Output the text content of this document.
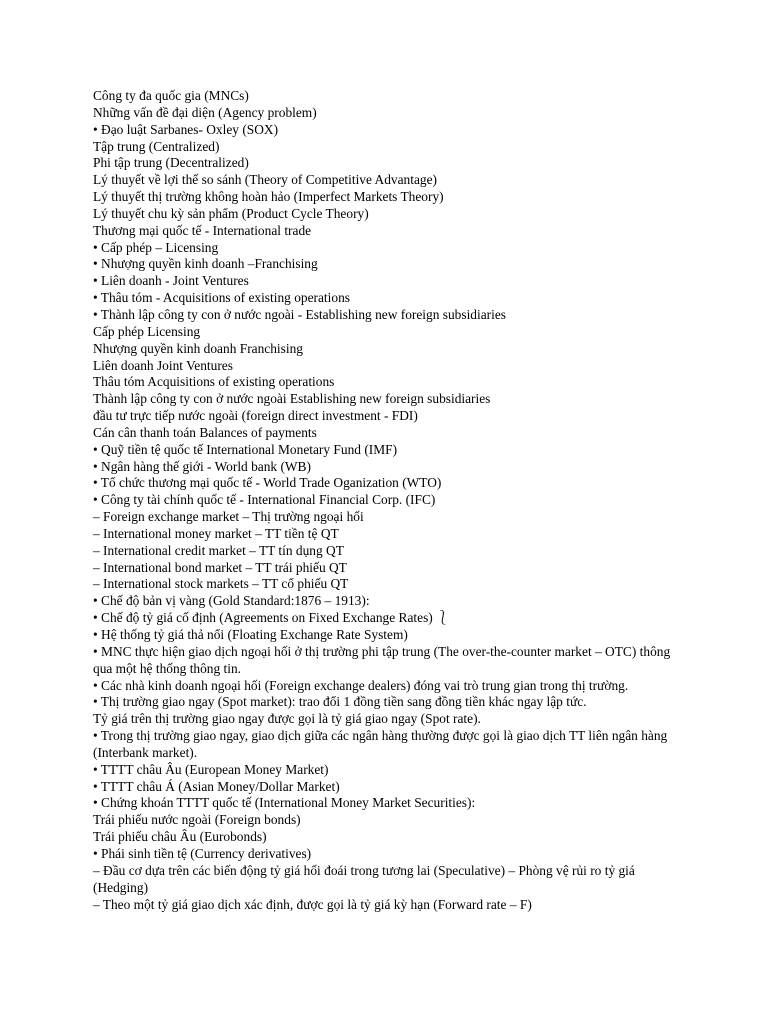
Công ty đa quốc gia (MNCs)
Những vấn đề đại diện (Agency problem)
• Đạo luật Sarbanes- Oxley (SOX)
Tập trung (Centralized)
Phi tập trung (Decentralized)
Lý thuyết về lợi thế so sánh (Theory of Competitive Advantage)
Lý thuyết thị trường không hoàn hảo (Imperfect Markets Theory)
Lý thuyết chu kỳ sản phẩm (Product Cycle Theory)
Thương mại quốc tế - International trade
• Cấp phép – Licensing
• Nhượng quyền kinh doanh –Franchising
• Liên doanh - Joint Ventures
• Thâu tóm - Acquisitions of existing operations
• Thành lập công ty con ở nước ngoài - Establishing new foreign subsidiaries
Cấp phép Licensing
Nhượng quyền kinh doanh Franchising
Liên doanh Joint Ventures
Thâu tóm Acquisitions of existing operations
Thành lập công ty con ở nước ngoài Establishing new foreign subsidiaries
đầu tư trực tiếp nước ngoài (foreign direct investment - FDI)
Cán cân thanh toán Balances of payments
• Quỹ tiền tệ quốc tế International Monetary Fund (IMF)
• Ngân hàng thế giới - World bank (WB)
• Tổ chức thương mại quốc tế - World Trade Oganization (WTO)
• Công ty tài chính quốc tế - International Financial Corp. (IFC)
– Foreign exchange market – Thị trường ngoại hối
– International money market – TT tiền tệ QT
– International credit market – TT tín dụng QT
– International bond market – TT trái phiếu QT
– International stock markets – TT cổ phiếu QT
• Chế độ bản vị vàng (Gold Standard:1876 – 1913):
• Chế độ tỷ giá cố định (Agreements on Fixed Exchange Rates) ⎱
• Hệ thống tỷ giá thả nổi (Floating Exchange Rate System)
• MNC thực hiện giao dịch ngoại hối ở thị trường phi tập trung (The over-the-counter market – OTC) thông qua một hệ thống thông tin.
• Các nhà kinh doanh ngoại hối (Foreign exchange dealers) đóng vai trò trung gian trong thị trường.
• Thị trường giao ngay (Spot market): trao đổi 1 đồng tiền sang đồng tiền khác ngay lập tức.
Tỷ giá trên thị trường giao ngay được gọi là tỷ giá giao ngay (Spot rate).
• Trong thị trường giao ngay, giao dịch giữa các ngân hàng thường được gọi là giao dịch TT liên ngân hàng (Interbank market).
• TTTT châu Âu (European Money Market)
• TTTT châu Á (Asian Money/Dollar Market)
• Chứng khoán TTTT quốc tế (International Money Market Securities):
Trái phiếu nước ngoài (Foreign bonds)
Trái phiếu châu Âu (Eurobonds)
• Phái sinh tiền tệ (Currency derivatives)
– Đầu cơ dựa trên các biến động tỷ giá hối đoái trong tương lai (Speculative) – Phòng vệ rủi ro tỷ giá (Hedging)
– Theo một tỷ giá giao dịch xác định, được gọi là tỷ giá kỳ hạn (Forward rate – F)
